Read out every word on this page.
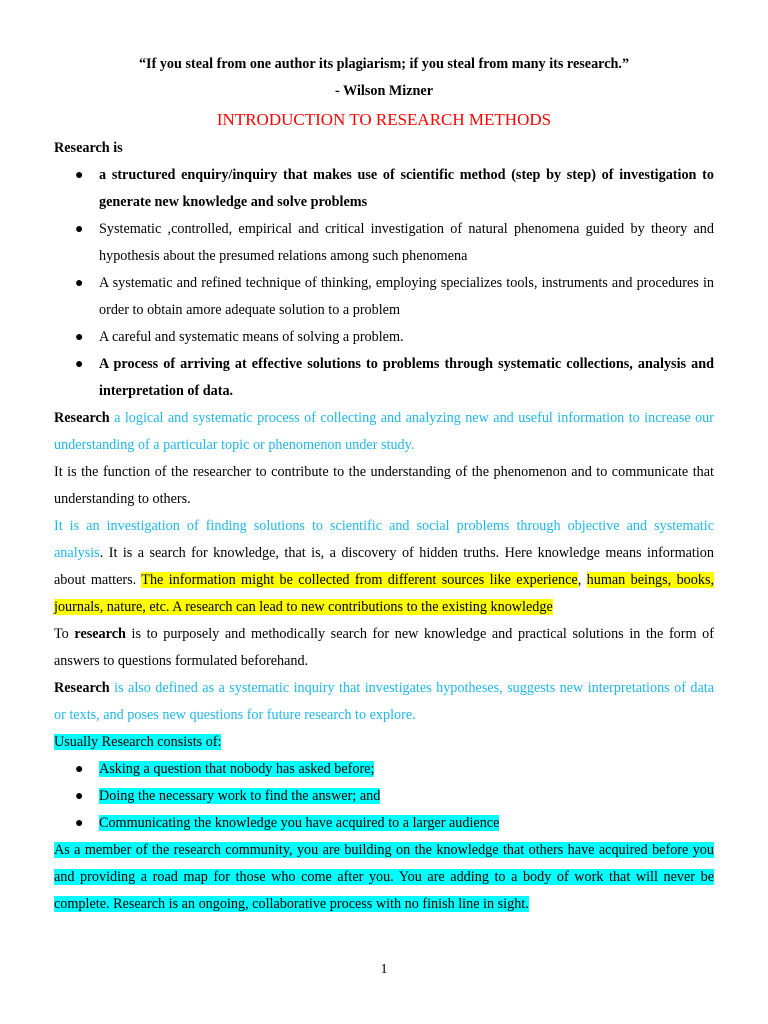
“If you steal from one author its plagiarism; if you steal from many its research.”

- Wilson Mizner

INTRODUCTION TO RESEARCH METHODS

Research is

● a structured enquiry/inquiry that makes use of scientific method (step by step) of investigation to generate new knowledge and solve problems
● Systematic ,controlled, empirical and critical investigation of natural phenomena guided by theory and hypothesis about the presumed relations among such phenomena
● A systematic and refined technique of thinking, employing specializes tools, instruments and procedures in order to obtain amore adequate solution to a problem
● A careful and systematic means of solving a problem.
● A process of arriving at effective solutions to problems through systematic collections, analysis and interpretation of data.

Research a logical and systematic process of collecting and analyzing new and useful information to increase our understanding of a particular topic or phenomenon under study.

It is the function of the researcher to contribute to the understanding of the phenomenon and to communicate that understanding to others.

It is an investigation of finding solutions to scientific and social problems through objective and systematic analysis. It is a search for knowledge, that is, a discovery of hidden truths. Here knowledge means information about matters. The information might be collected from different sources like experience, human beings, books, journals, nature, etc. A research can lead to new contributions to the existing knowledge

To research is to purposely and methodically search for new knowledge and practical solutions in the form of answers to questions formulated beforehand.

Research is also defined as a systematic inquiry that investigates hypotheses, suggests new interpretations of data or texts, and poses new questions for future research to explore.

Usually Research consists of:

● Asking a question that nobody has asked before;
● Doing the necessary work to find the answer; and
● Communicating the knowledge you have acquired to a larger audience

As a member of the research community, you are building on the knowledge that others have acquired before you and providing a road map for those who come after you. You are adding to a body of work that will never be complete. Research is an ongoing, collaborative process with no finish line in sight.

1
